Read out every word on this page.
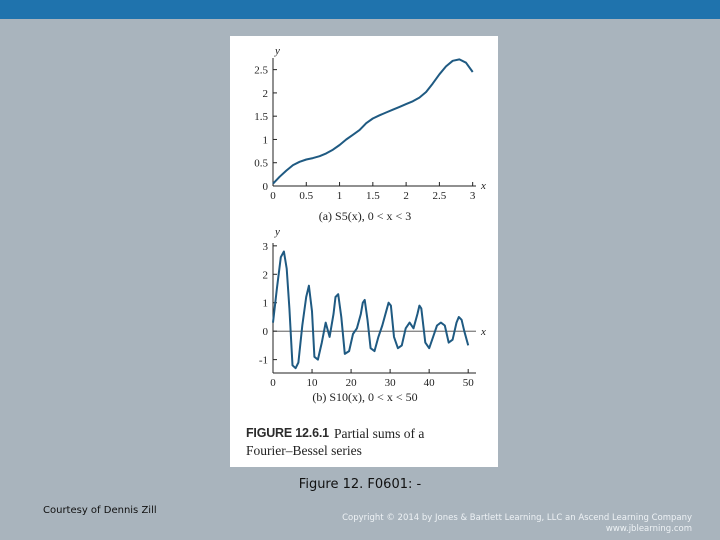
0 0.5 1 1.5 2 2.5 3
0
0.5
1
1.5
2
2.5
y
x
(a) S5(x), 0 < x < 3
0	10	20	30	40	50
-1
0
1
2
3
y
x
(b) S10(x), 0 < x < 50
FIGURE 12.6.1 Partial sums of a
Fourier–Bessel series
Figure 12. F0601: -
Courtesy of Dennis Zill
Copyright © 2014 by Jones & Bartlett Learning, LLC an Ascend Learning Company
www.jblearning.com
